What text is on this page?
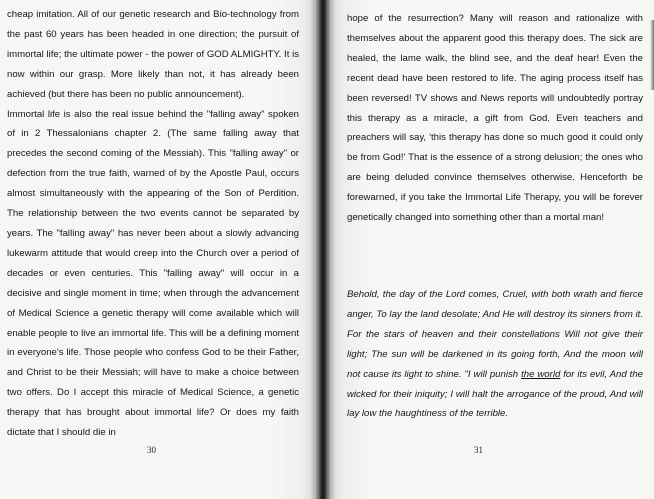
cheap imitation. All of our genetic research and Bio-technology from the past 60 years has been headed in one direction; the pursuit of immortal life; the ultimate power - the power of GOD ALMIGHTY. It is now within our grasp. More likely than not, it has already been achieved (but there has been no public announcement).

Immortal life is also the real issue behind the "falling away" spoken of in 2 Thessalonians chapter 2. (The same falling away that precedes the second coming of the Messiah). This "falling away" or defection from the true faith, warned of by the Apostle Paul, occurs almost simultaneously with the appearing of the Son of Perdition. The relationship between the two events cannot be separated by years. The "falling away" has never been about a slowly advancing lukewarm attitude that would creep into the Church over a period of decades or even centuries. This "falling away" will occur in a decisive and single moment in time; when through the advancement of Medical Science a genetic therapy will come available which will enable people to live an immortal life. This will be a defining moment in everyone's life. Those people who confess God to be their Father, and Christ to be their Messiah; will have to make a choice between two offers. Do I accept this miracle of Medical Science, a genetic therapy that has brought about immortal life? Or does my faith dictate that I should die in

30

hope of the resurrection? Many will reason and rationalize with themselves about the apparent good this therapy does. The sick are healed, the lame walk, the blind see, and the deaf hear! Even the recent dead have been restored to life. The aging process itself has been reversed! TV shows and News reports will undoubtedly portray this therapy as a miracle, a gift from God. Even teachers and preachers will say, 'this therapy has done so much good it could only be from God!' That is the essence of a strong delusion; the ones who are being deluded convince themselves otherwise. Henceforth be forewarned, if you take the Immortal Life Therapy, you will be forever genetically changed into something other than a mortal man!

Behold, the day of the Lord comes, Cruel, with both wrath and fierce anger, To lay the land desolate; And He will destroy its sinners from it. For the stars of heaven and their constellations Will not give their light; The sun will be darkened in its going forth, And the moon will not cause its light to shine. "I will punish the world for its evil, And the wicked for their iniquity; I will halt the arrogance of the proud, And will lay low the haughtiness of the terrible.

31
